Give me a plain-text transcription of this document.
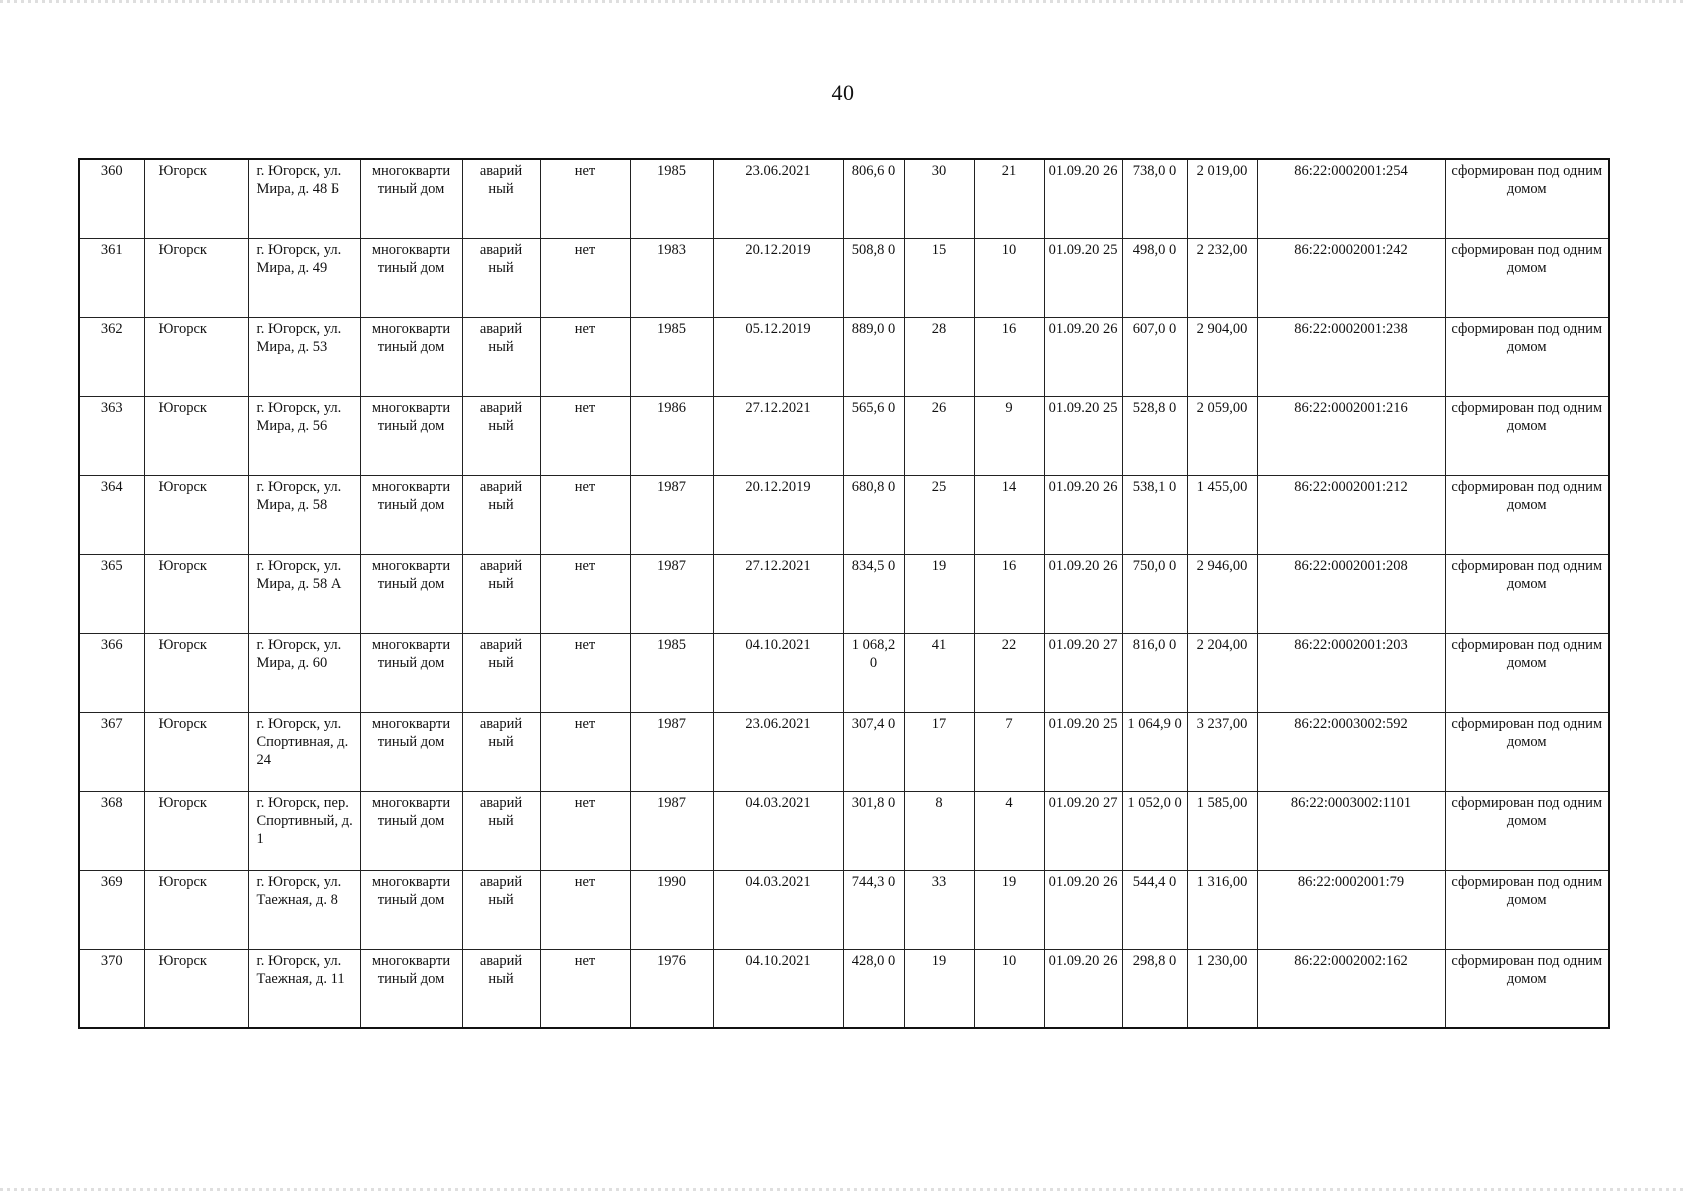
40
360	Югорск	г. Югорск, ул. Мира, д. 48 Б	многокварти тиный дом	аварий ный	нет	1985	23.06.2021	806,6 0	30	21	01.09.20 26	738,0 0	2 019,00	86:22:0002001:254	сформирован под одним домом
361	Югорск	г. Югорск, ул. Мира, д. 49	многокварти тиный дом	аварий ный	нет	1983	20.12.2019	508,8 0	15	10	01.09.20 25	498,0 0	2 232,00	86:22:0002001:242	сформирован под одним домом
362	Югорск	г. Югорск, ул. Мира, д. 53	многокварти тиный дом	аварий ный	нет	1985	05.12.2019	889,0 0	28	16	01.09.20 26	607,0 0	2 904,00	86:22:0002001:238	сформирован под одним домом
363	Югорск	г. Югорск, ул. Мира, д. 56	многокварти тиный дом	аварий ный	нет	1986	27.12.2021	565,6 0	26	9	01.09.20 25	528,8 0	2 059,00	86:22:0002001:216	сформирован под одним домом
364	Югорск	г. Югорск, ул. Мира, д. 58	многокварти тиный дом	аварий ный	нет	1987	20.12.2019	680,8 0	25	14	01.09.20 26	538,1 0	1 455,00	86:22:0002001:212	сформирован под одним домом
365	Югорск	г. Югорск, ул. Мира, д. 58 А	многокварти тиный дом	аварий ный	нет	1987	27.12.2021	834,5 0	19	16	01.09.20 26	750,0 0	2 946,00	86:22:0002001:208	сформирован под одним домом
366	Югорск	г. Югорск, ул. Мира, д. 60	многокварти тиный дом	аварий ный	нет	1985	04.10.2021	1 068,2 0	41	22	01.09.20 27	816,0 0	2 204,00	86:22:0002001:203	сформирован под одним домом
367	Югорск	г. Югорск, ул. Спортивная, д. 24	многокварти тиный дом	аварий ный	нет	1987	23.06.2021	307,4 0	17	7	01.09.20 25	1 064,9 0	3 237,00	86:22:0003002:592	сформирован под одним домом
368	Югорск	г. Югорск, пер. Спортивный, д. 1	многокварти тиный дом	аварий ный	нет	1987	04.03.2021	301,8 0	8	4	01.09.20 27	1 052,0 0	1 585,00	86:22:0003002:1101	сформирован под одним домом
369	Югорск	г. Югорск, ул. Таежная, д. 8	многокварти тиный дом	аварий ный	нет	1990	04.03.2021	744,3 0	33	19	01.09.20 26	544,4 0	1 316,00	86:22:0002001:79	сформирован под одним домом
370	Югорск	г. Югорск, ул. Таежная, д. 11	многокварти тиный дом	аварий ный	нет	1976	04.10.2021	428,0 0	19	10	01.09.20 26	298,8 0	1 230,00	86:22:0002002:162	сформирован под одним домом
